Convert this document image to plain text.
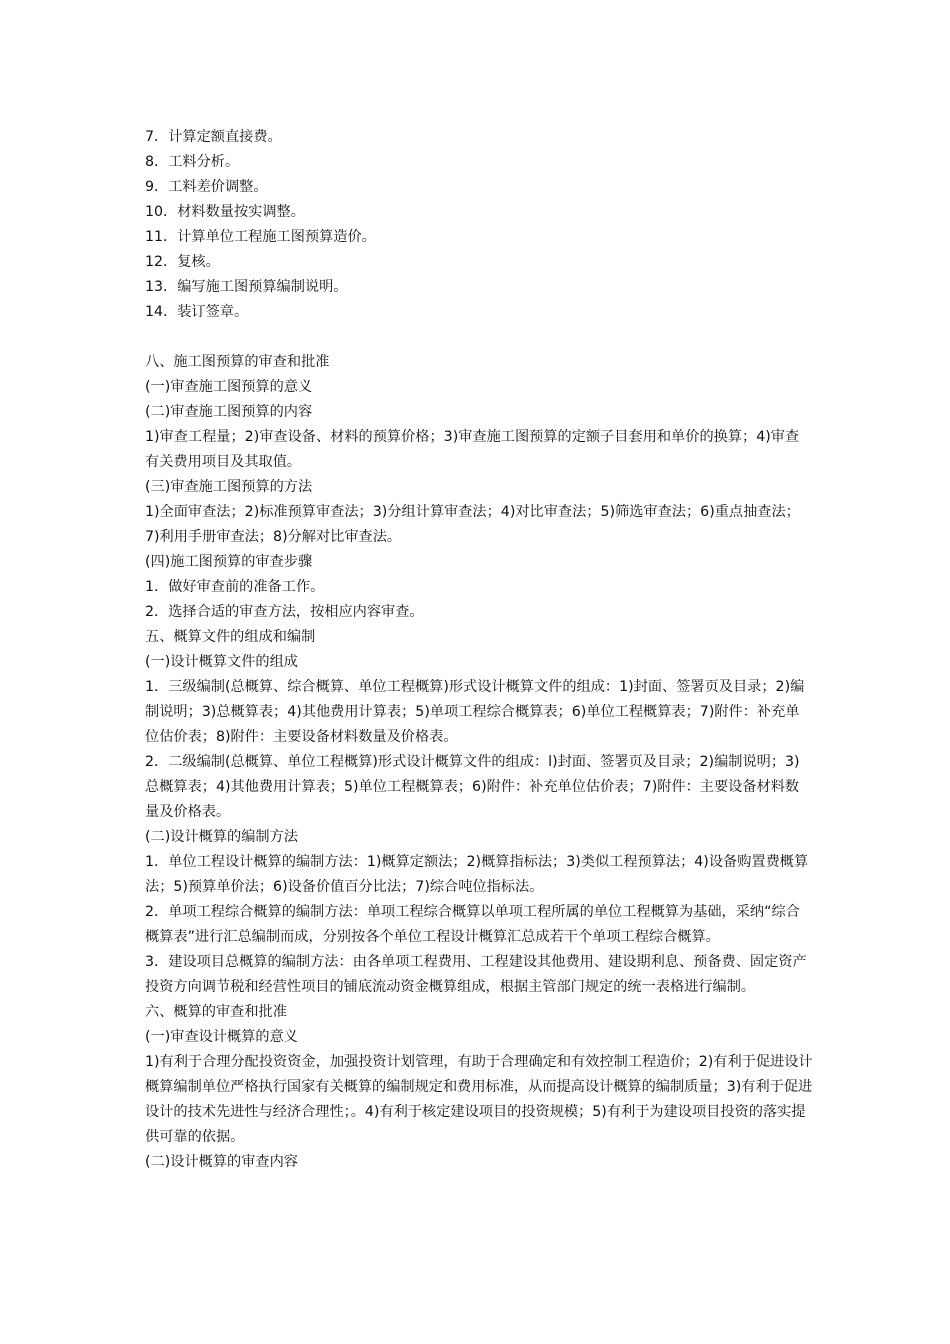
7．计算定额直接费。
8．工料分析。
9．工料差价调整。
10．材料数量按实调整。
11．计算单位工程施工图预算造价。
12．复核。
13．编写施工图预算编制说明。
14．装订签章。
八、施工图预算的审查和批准
(一)审查施工图预算的意义
(二)审查施工图预算的内容
1)审查工程量；2)审查设备、材料的预算价格；3)审查施工图预算的定额子目套用和单价的换算；4)审查有关费用项目及其取值。
(三)审查施工图预算的方法
1)全面审查法；2)标准预算审查法；3)分组计算审查法；4)对比审查法；5)筛选审查法；6)重点抽查法；7)利用手册审查法；8)分解对比审查法。
(四)施工图预算的审查步骤
1．做好审查前的准备工作。
2．选择合适的审查方法，按相应内容审查。
五、概算文件的组成和编制
(一)设计概算文件的组成
1．三级编制(总概算、综合概算、单位工程概算)形式设计概算文件的组成：1)封面、签署页及目录；2)编制说明；3)总概算表；4)其他费用计算表；5)单项工程综合概算表；6)单位工程概算表；7)附件：补充单位估价表；8)附件：主要设备材料数量及价格表。
2．二级编制(总概算、单位工程概算)形式设计概算文件的组成：l)封面、签署页及目录；2)编制说明；3)总概算表；4)其他费用计算表；5)单位工程概算表；6)附件：补充单位估价表；7)附件：主要设备材料数量及价格表。
(二)设计概算的编制方法
1．单位工程设计概算的编制方法：1)概算定额法；2)概算指标法；3)类似工程预算法；4)设备购置费概算法；5)预算单价法；6)设备价值百分比法；7)综合吨位指标法。
2．单项工程综合概算的编制方法：单项工程综合概算以单项工程所属的单位工程概算为基础，采纳“综合概算表”进行汇总编制而成，分别按各个单位工程设计概算汇总成若干个单项工程综合概算。
3．建设项目总概算的编制方法：由各单项工程费用、工程建设其他费用、建设期利息、预备费、固定资产投资方向调节税和经营性项目的铺底流动资金概算组成，根据主管部门规定的统一表格进行编制。
六、概算的审查和批准
(一)审查设计概算的意义
1)有利于合理分配投资资金，加强投资计划管理，有助于合理确定和有效控制工程造价；2)有利于促进设计概算编制单位严格执行国家有关概算的编制规定和费用标准，从而提高设计概算的编制质量；3)有利于促进设计的技术先进性与经济合理性；。4)有利于核定建设项目的投资规模；5)有利于为建设项目投资的落实提供可靠的依据。
(二)设计概算的审查内容
